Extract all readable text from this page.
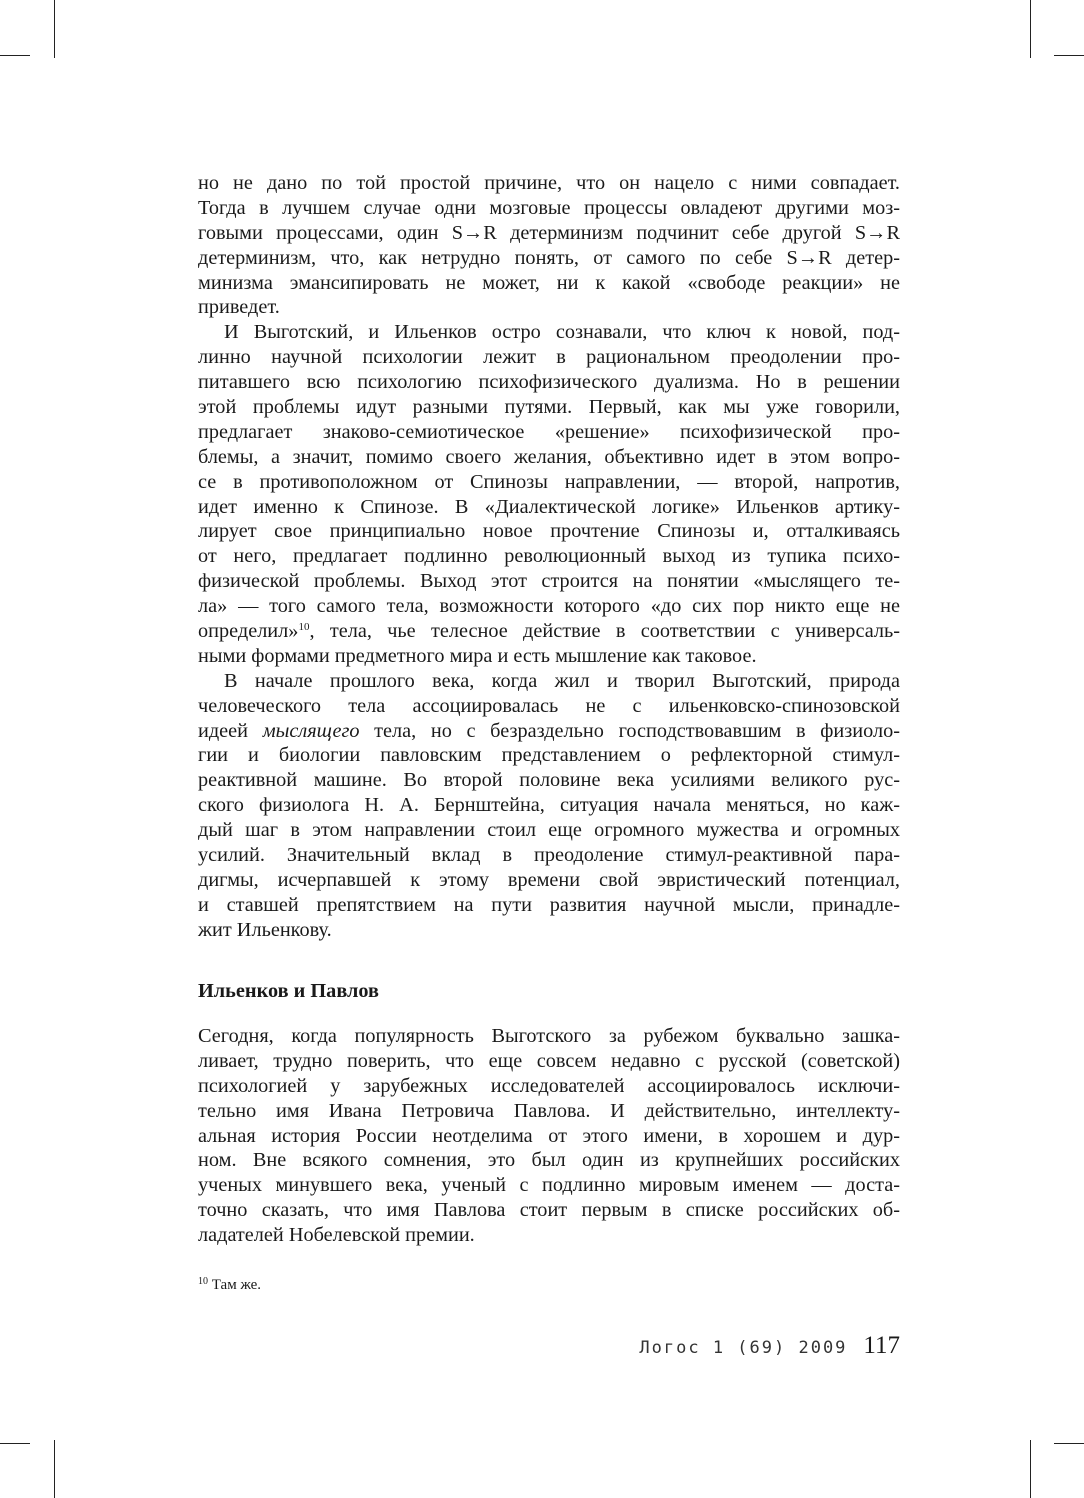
но не дано по той простой причине, что он нацело с ними совпадает.
Тогда в лучшем случае одни мозговые процессы овладеют другими моз-
говыми процессами, один S→R детерминизм подчинит себе другой S→R
детерминизм, что, как нетрудно понять, от самого по себе S→R детер-
минизма эмансипировать не может, ни к какой «свободе реакции» не
приведет.
И Выготский, и Ильенков остро сознавали, что ключ к новой, под-
линно научной психологии лежит в рациональном преодолении про-
питавшего всю психологию психофизического дуализма. Но в решении
этой проблемы идут разными путями. Первый, как мы уже говорили,
предлагает знаково-семиотическое «решение» психофизической про-
блемы, а значит, помимо своего желания, объективно идет в этом вопро-
се в противоположном от Спинозы направлении, — второй, напротив,
идет именно к Спинозе. В «Диалектической логике» Ильенков артику-
лирует свое принципиально новое прочтение Спинозы и, отталкиваясь
от него, предлагает подлинно революционный выход из тупика психо-
физической проблемы. Выход этот строится на понятии «мыслящего те-
ла» — того самого тела, возможности которого «до сих пор никто еще не
определил»$^{10}$, тела, чье телесное действие в соответствии с универсаль-
ными формами предметного мира и есть мышление как таковое.
В начале прошлого века, когда жил и творил Выготский, природа
человеческого тела ассоциировалась не с ильенковско-спинозовской
идеей мыслящего тела, но с безраздельно господствовавшим в физиоло-
гии и биологии павловским представлением о рефлекторной стимул-
реактивной машине. Во второй половине века усилиями великого рус-
ского физиолога Н. А. Бернштейна, ситуация начала меняться, но каж-
дый шаг в этом направлении стоил еще огромного мужества и огромных
усилий. Значительный вклад в преодоление стимул-реактивной пара-
дигмы, исчерпавшей к этому времени свой эвристический потенциал,
и ставшей препятствием на пути развития научной мысли, принадле-
жит Ильенкову.
Ильенков и Павлов
Сегодня, когда популярность Выготского за рубежом буквально зашка-
ливает, трудно поверить, что еще совсем недавно с русской (советской)
психологией у зарубежных исследователей ассоциировалось исключи-
тельно имя Ивана Петровича Павлова. И действительно, интеллекту-
альная история России неотделима от этого имени, в хорошем и дур-
ном. Вне всякого сомнения, это был один из крупнейших российских
ученых минувшего века, ученый с подлинно мировым именем — доста-
точно сказать, что имя Павлова стоит первым в списке российских об-
ладателей Нобелевской премии.
$^{10}$ Там же.
Логос 1 (69) 2009 117
